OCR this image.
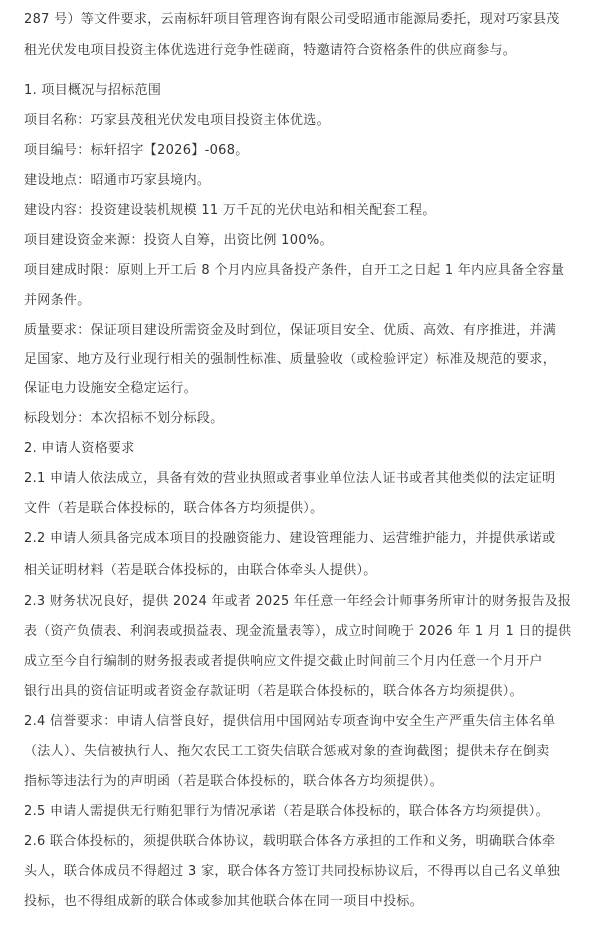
287 号）等文件要求，云南标轩项目管理咨询有限公司受昭通市能源局委托，现对巧家县茂
租光伏发电项目投资主体优选进行竞争性磋商，特邀请符合资格条件的供应商参与。
1. 项目概况与招标范围
项目名称：巧家县茂租光伏发电项目投资主体优选。
项目编号：标轩招字【2026】-068。
建设地点：昭通市巧家县境内。
建设内容：投资建设装机规模 11 万千瓦的光伏电站和相关配套工程。
项目建设资金来源：投资人自筹，出资比例 100%。
项目建成时限：原则上开工后 8 个月内应具备投产条件，自开工之日起 1 年内应具备全容量
并网条件。
质量要求：保证项目建设所需资金及时到位，保证项目安全、优质、高效、有序推进，并满
足国家、地方及行业现行相关的强制性标准、质量验收（或检验评定）标准及规范的要求，
保证电力设施安全稳定运行。
标段划分：本次招标不划分标段。
2. 申请人资格要求
2.1 申请人依法成立，具备有效的营业执照或者事业单位法人证书或者其他类似的法定证明
文件（若是联合体投标的，联合体各方均须提供）。
2.2 申请人须具备完成本项目的投融资能力、建设管理能力、运营维护能力，并提供承诺或
相关证明材料（若是联合体投标的，由联合体牵头人提供）。
2.3 财务状况良好，提供 2024 年或者 2025 年任意一年经会计师事务所审计的财务报告及报
表（资产负债表、利润表或损益表、现金流量表等），成立时间晚于 2026 年 1 月 1 日的提供
成立至今自行编制的财务报表或者提供响应文件提交截止时间前三个月内任意一个月开户
银行出具的资信证明或者资金存款证明（若是联合体投标的，联合体各方均须提供）。
2.4 信誉要求：申请人信誉良好，提供信用中国网站专项查询中安全生产严重失信主体名单
（法人）、失信被执行人、拖欠农民工工资失信联合惩戒对象的查询截图；提供未存在倒卖
指标等违法行为的声明函（若是联合体投标的，联合体各方均须提供）。
2.5 申请人需提供无行贿犯罪行为情况承诺（若是联合体投标的，联合体各方均须提供）。
2.6 联合体投标的，须提供联合体协议，载明联合体各方承担的工作和义务，明确联合体牵
头人，联合体成员不得超过 3 家，联合体各方签订共同投标协议后，不得再以自己名义单独
投标，也不得组成新的联合体或参加其他联合体在同一项目中投标。
